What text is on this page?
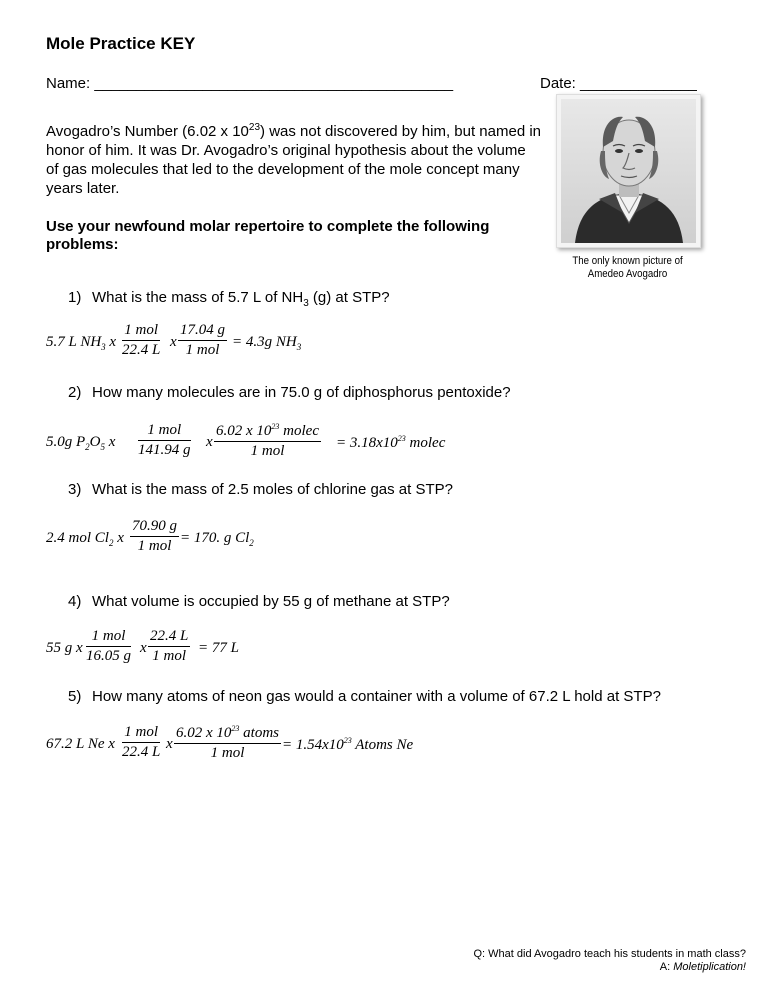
Mole Practice KEY
Name: ___________________________________________	Date: ______________
Avogadro’s Number (6.02 x $10^{23}$) was not discovered by him, but named in honor of him. It was Dr. Avogadro’s original hypothesis about the volume of gas molecules that led to the development of the mole concept many years later.
Use your newfound molar repertoire to complete the following problems:
The only known picture of
Amedeo Avogadro
1) What is the mass of 5.7 L of $NH_3$ (g) at STP?
5.7 L $NH_3$ x
1 mol
22.4 L x
17.04 g
1 mol = 4.3g $NH_3$
2) How many molecules are in 75.0 g of diphosphorus pentoxide?
5.0g $P_2O_5$ x
1 mol
141.94 g x
6.02 x $10^{23}$ molec
1 mol	= $3.18x10^{23}$ molec
3) What is the mass of 2.5 moles of chlorine gas at STP?
2.4 mol $Cl_2$ x
70.90 g
1 mol = 170. g $Cl_2$
4) What volume is occupied by 55 g of methane at STP?
55 g x
1 mol
16.05 g x
22.4 L
1 mol = 77 L
5) How many atoms of neon gas would a container with a volume of 67.2 L hold at STP?
67.2 L Ne x
1 mol
22.4 L x
6.02 x $10^{23}$ atoms
1 mol	= $1.54x10^{23}$ Atoms Ne
Q: What did Avogadro teach his students in math class?
A: Moletiplication!
